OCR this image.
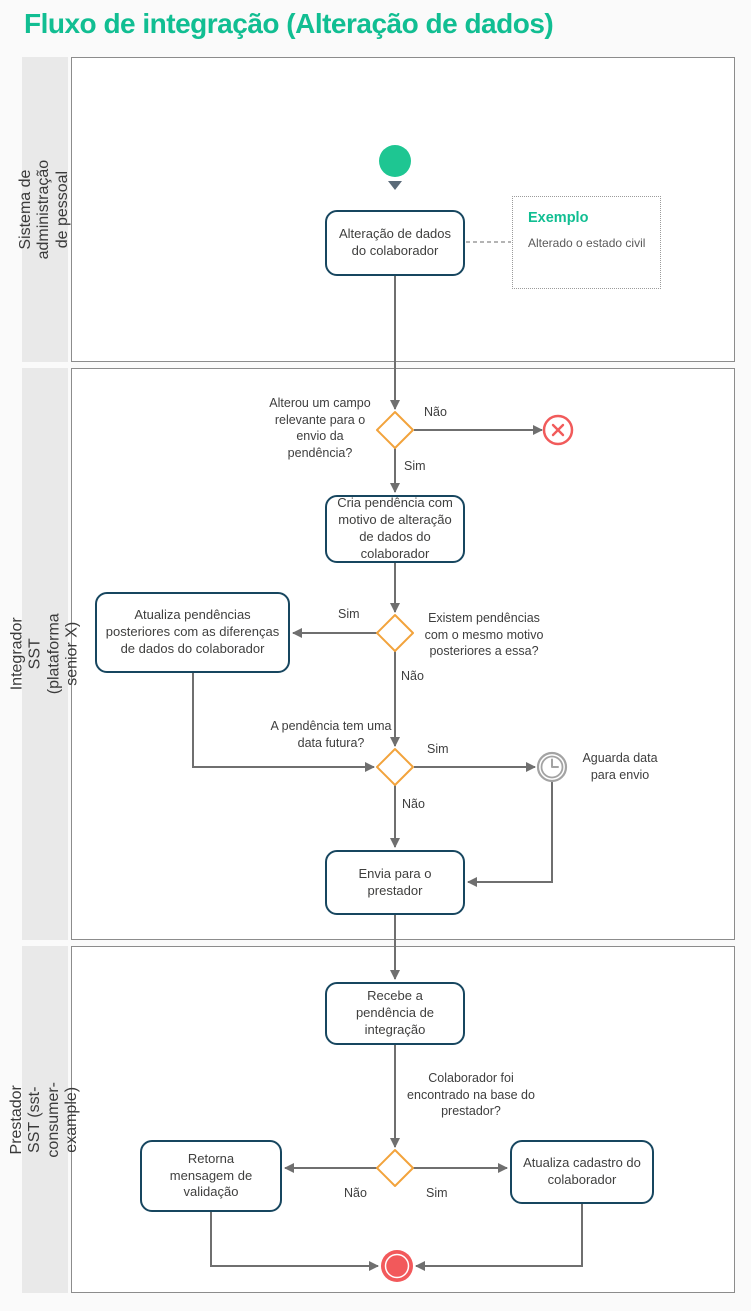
Fluxo de integração (Alteração de dados)
Sistema de administração de pessoal
Integrador SST (plataforma senior X)
Prestador SST (sst-consumer-example)
Alteração de dados do colaborador
Exemplo
Alterado o estado civil
Cria pendência com motivo de alteração de dados do colaborador
Atualiza pendências posteriores com as diferenças de dados do colaborador
Envia para o prestador
Recebe a pendência de integração
Retorna mensagem de validação
Atualiza cadastro do colaborador
Alterou um campo relevante para o envio da pendência?
Existem pendências com o mesmo motivo posteriores a essa?
A pendência tem uma data futura?
Colaborador foi encontrado na base do prestador?
Não
Sim
Sim
Não
Sim
Não
Não	Sim
Aguarda data para envio
